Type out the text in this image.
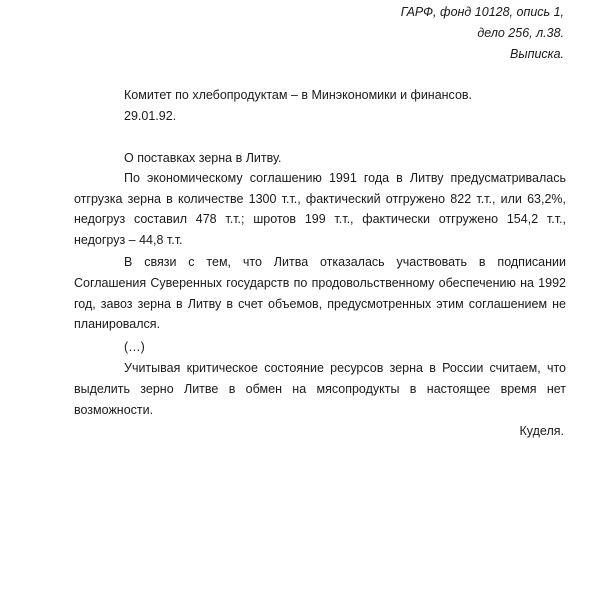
ГАРФ, фонд 10128, опись 1,
дело 256, л.38.
Выписка.
Комитет по хлебопродуктам – в Минэкономики и финансов.
29.01.92.
О поставках зерна в Литву.

По экономическому соглашению 1991 года в Литву предусматривалась отгрузка зерна в количестве 1300 т.т., фактический отгружено 822 т.т., или 63,2%, недогруз составил 478 т.т.; шротов 199 т.т., фактически отгружено 154,2 т.т., недогруз – 44,8 т.т.

В связи с тем, что Литва отказалась участвовать в подписании Соглашения Суверенных государств по продовольственному обеспечению на 1992 год, завоз зерна в Литву в счет объемов, предусмотренных этим соглашением не планировался.

(…)

Учитывая критическое состояние ресурсов зерна в России считаем, что выделить зерно Литве в обмен на мясопродукты в настоящее время нет возможности.

Куделя.
